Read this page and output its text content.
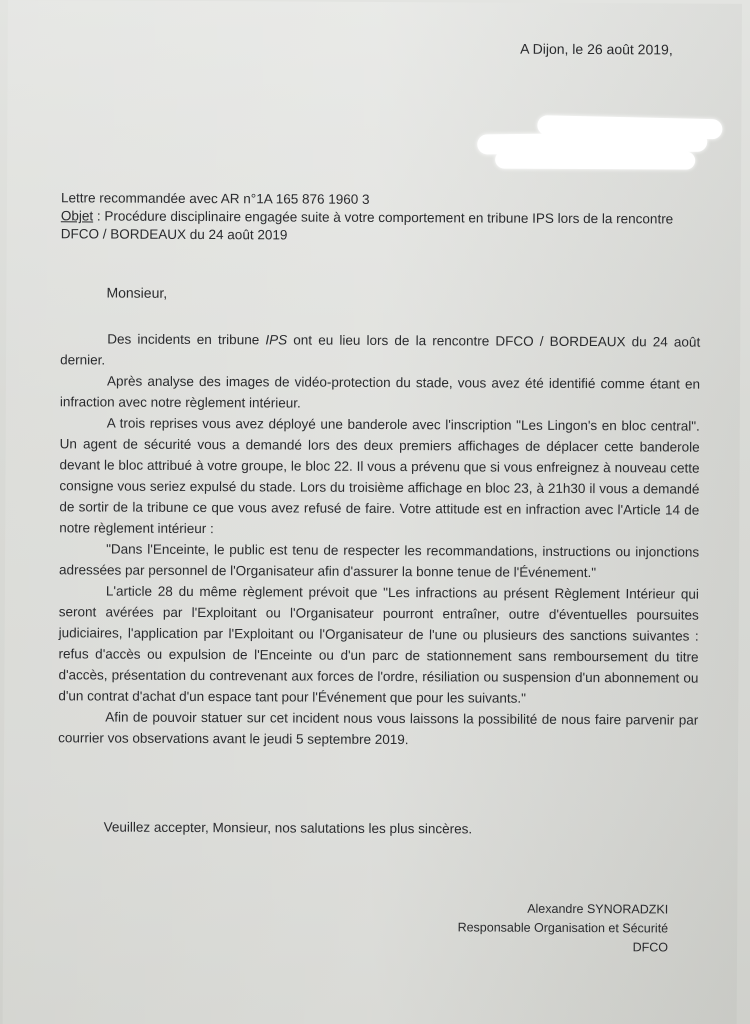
A Dijon, le 26 août 2019,
Lettre recommandée avec AR n°1A 165 876 1960 3
Objet : Procédure disciplinaire engagée suite à votre comportement en tribune IPS lors de la rencontre DFCO / BORDEAUX du 24 août 2019
Monsieur,

Des incidents en tribune IPS ont eu lieu lors de la rencontre DFCO / BORDEAUX du 24 août dernier.

Après analyse des images de vidéo-protection du stade, vous avez été identifié comme étant en infraction avec notre règlement intérieur.

A trois reprises vous avez déployé une banderole avec l'inscription "Les Lingon's en bloc central". Un agent de sécurité vous a demandé lors des deux premiers affichages de déplacer cette banderole devant le bloc attribué à votre groupe, le bloc 22. Il vous a prévenu que si vous enfreignez à nouveau cette consigne vous seriez expulsé du stade. Lors du troisième affichage en bloc 23, à 21h30 il vous a demandé de sortir de la tribune ce que vous avez refusé de faire. Votre attitude est en infraction avec l'Article 14 de notre règlement intérieur :

"Dans l'Enceinte, le public est tenu de respecter les recommandations, instructions ou injonctions adressées par personnel de l'Organisateur afin d'assurer la bonne tenue de l'Événement."

L'article 28 du même règlement prévoit que "Les infractions au présent Règlement Intérieur qui seront avérées par l'Exploitant ou l'Organisateur pourront entraîner, outre d'éventuelles poursuites judiciaires, l'application par l'Exploitant ou l'Organisateur de l'une ou plusieurs des sanctions suivantes : refus d'accès ou expulsion de l'Enceinte ou d'un parc de stationnement sans remboursement du titre d'accès, présentation du contrevenant aux forces de l'ordre, résiliation ou suspension d'un abonnement ou d'un contrat d'achat d'un espace tant pour l'Événement que pour les suivants."

Afin de pouvoir statuer sur cet incident nous vous laissons la possibilité de nous faire parvenir par courrier vos observations avant le jeudi 5 septembre 2019.

Veuillez accepter, Monsieur, nos salutations les plus sincères.
Alexandre SYNORADZKI
Responsable Organisation et Sécurité
DFCO
